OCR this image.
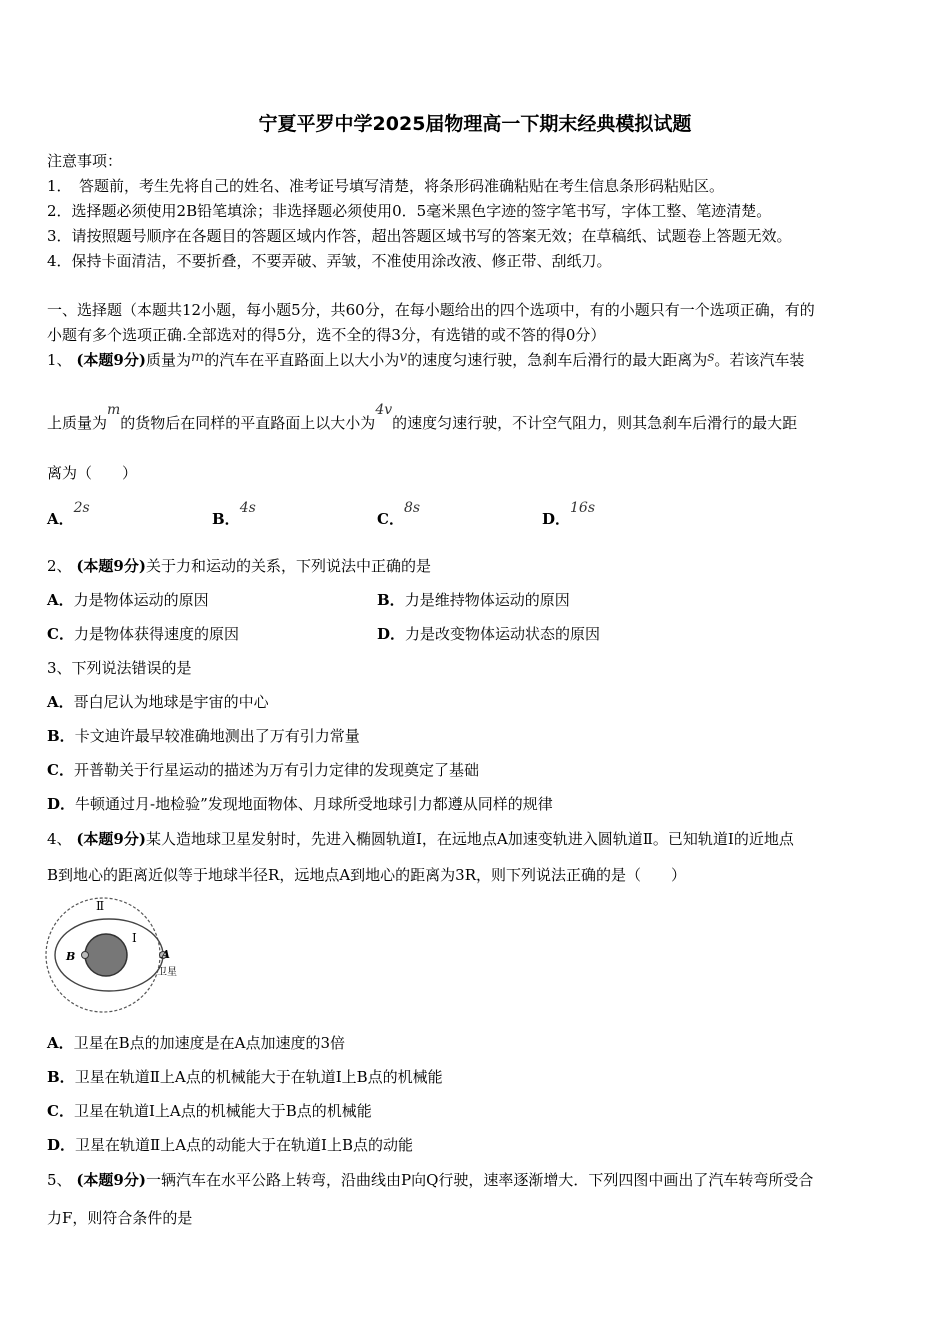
宁夏平罗中学2025届物理高一下期末经典模拟试题
注意事项：
1．　答题前，考生先将自己的姓名、准考证号填写清楚，将条形码准确粘贴在考生信息条形码粘贴区。
2．选择题必须使用2B铅笔填涂；非选择题必须使用0．5毫米黑色字迹的签字笔书写，字体工整、笔迹清楚。
3．请按照题号顺序在各题目的答题区域内作答，超出答题区域书写的答案无效；在草稿纸、试题卷上答题无效。
4．保持卡面清洁，不要折叠，不要弄破、弄皱，不准使用涂改液、修正带、刮纸刀。
一、选择题（本题共12小题，每小题5分，共60分，在每小题给出的四个选项中，有的小题只有一个选项正确，有的
小题有多个选项正确.全部选对的得5分，选不全的得3分，有选错的或不答的得0分）
1、 (本题9分)质量为m的汽车在平直路面上以大小为v的速度匀速行驶，急刹车后滑行的最大距离为s。若该汽车装
上质量为m的货物后在同样的平直路面上以大小为4v的速度匀速行驶，不计空气阻力，则其急刹车后滑行的最大距
离为（　　）
A．2s
B．4s
C．8s
D．16s
2、 (本题9分)关于力和运动的关系，下列说法中正确的是
A．力是物体运动的原因	B．力是维持物体运动的原因
C．力是物体获得速度的原因	D．力是改变物体运动状态的原因
3、下列说法错误的是
A．哥白尼认为地球是宇宙的中心
B．卡文迪许最早较准确地测出了万有引力常量
C．开普勒关于行星运动的描述为万有引力定律的发现奠定了基础
D．牛顿通过月-地检验”发现地面物体、月球所受地球引力都遵从同样的规律
4、 (本题9分)某人造地球卫星发射时，先进入椭圆轨道Ⅰ，在远地点A加速变轨进入圆轨道Ⅱ。已知轨道Ⅰ的近地点
B到地心的距离近似等于地球半径R，远地点A到地心的距离为3R，则下列说法正确的是（　　）
Ⅱ
Ⅰ
B	A
卫星
A．卫星在B点的加速度是在A点加速度的3倍
B．卫星在轨道Ⅱ上A点的机械能大于在轨道Ⅰ上B点的机械能
C．卫星在轨道Ⅰ上A点的机械能大于B点的机械能
D．卫星在轨道Ⅱ上A点的动能大于在轨道Ⅰ上B点的动能
5、 (本题9分)一辆汽车在水平公路上转弯，沿曲线由P向Q行驶，速率逐渐增大．下列四图中画出了汽车转弯所受合
力F，则符合条件的是
